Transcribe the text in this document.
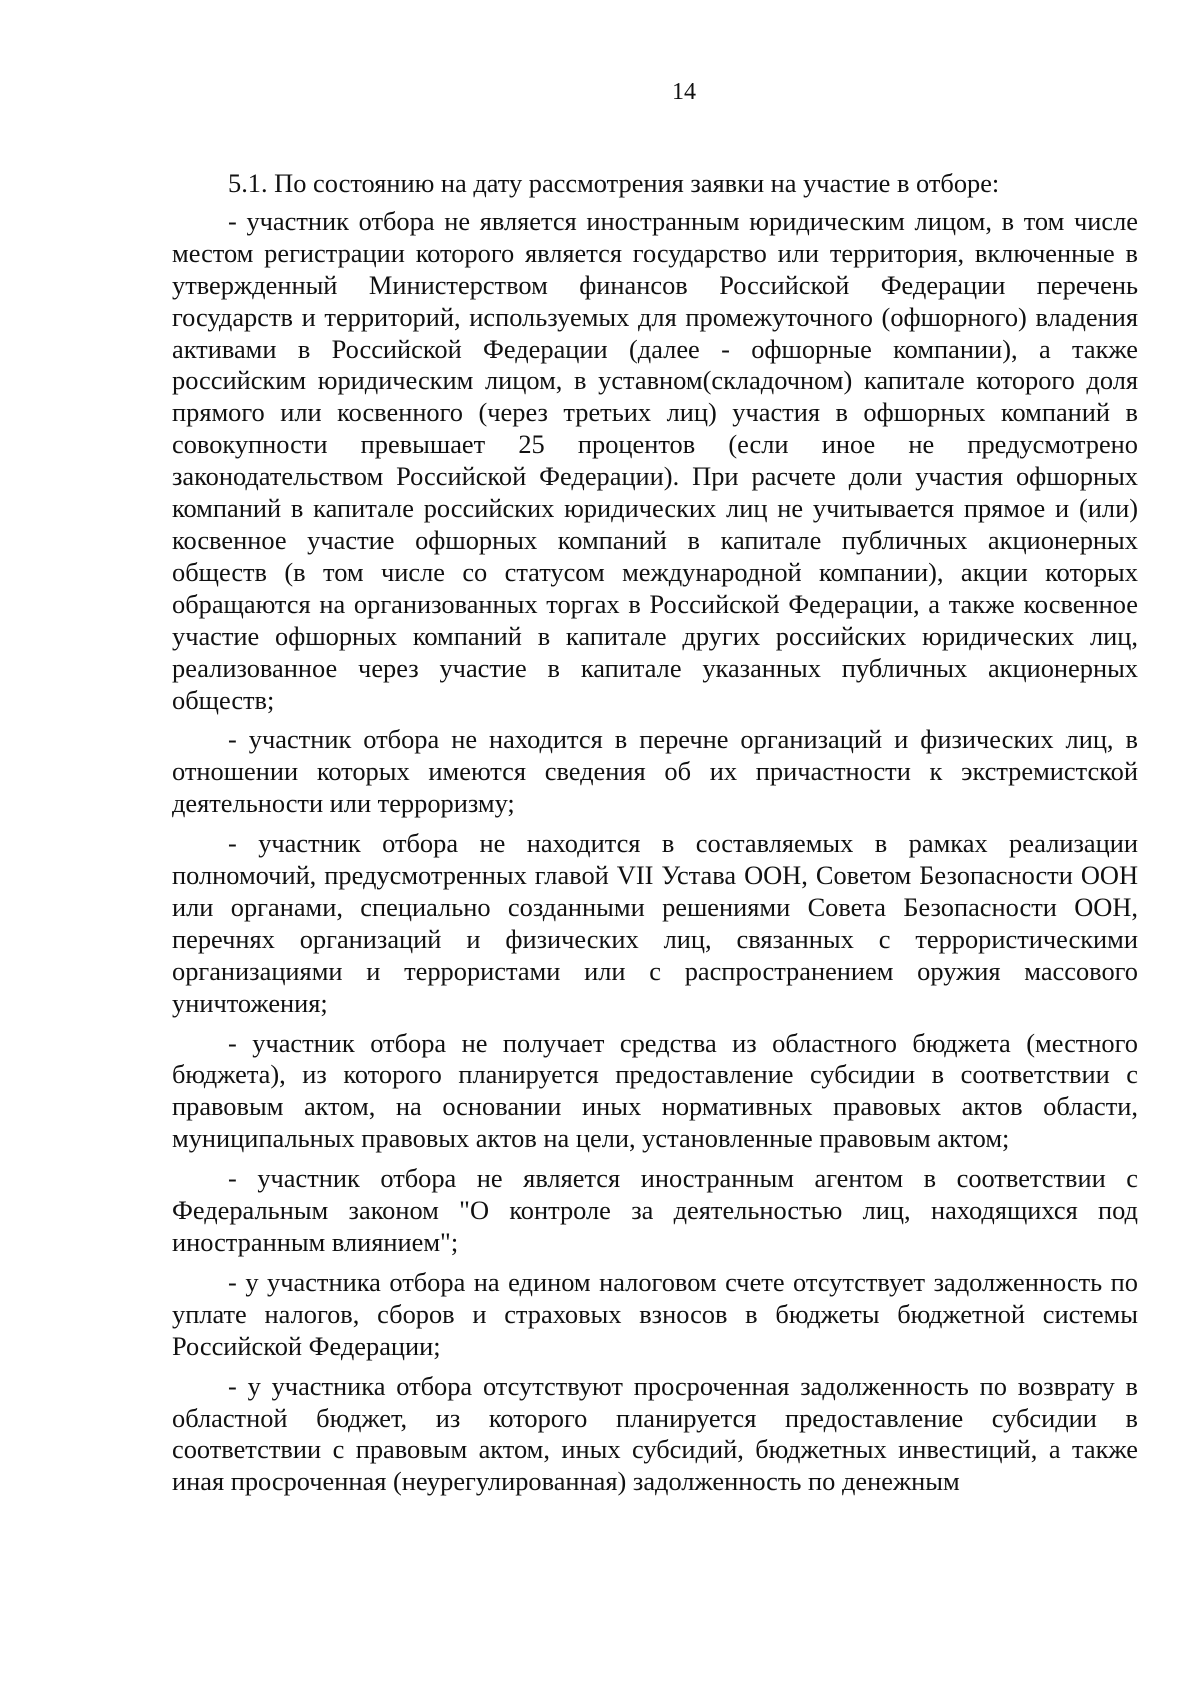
14

5.1. По состоянию на дату рассмотрения заявки на участие в отборе:

- участник отбора не является иностранным юридическим лицом, в том числе местом регистрации которого является государство или территория, включенные в утвержденный Министерством финансов Российской Федерации перечень государств и территорий, используемых для промежуточного (офшорного) владения активами в Российской Федерации (далее - офшорные компании), а также российским юридическим лицом, в уставном(складочном) капитале которого доля прямого или косвенного (через третьих лиц) участия в офшорных компаний в совокупности превышает 25 процентов (если иное не предусмотрено законодательством Российской Федерации). При расчете доли участия офшорных компаний в капитале российских юридических лиц не учитывается прямое и (или) косвенное участие офшорных компаний в капитале публичных акционерных обществ (в том числе со статусом международной компании), акции которых обращаются на организованных торгах в Российской Федерации, а также косвенное участие офшорных компаний в капитале других российских юридических лиц, реализованное через участие в капитале указанных публичных акционерных обществ;

- участник отбора не находится в перечне организаций и физических лиц, в отношении которых имеются сведения об их причастности к экстремистской деятельности или терроризму;

- участник отбора не находится в составляемых в рамках реализации полномочий, предусмотренных главой VII Устава ООН, Советом Безопасности ООН или органами, специально созданными решениями Совета Безопасности ООН, перечнях организаций и физических лиц, связанных с террористическими организациями и террористами или с распространением оружия массового уничтожения;

- участник отбора не получает средства из областного бюджета (местного бюджета), из которого планируется предоставление субсидии в соответствии с правовым актом, на основании иных нормативных правовых актов области, муниципальных правовых актов на цели, установленные правовым актом;

- участник отбора не является иностранным агентом в соответствии с Федеральным законом "О контроле за деятельностью лиц, находящихся под иностранным влиянием";

- у участника отбора на едином налоговом счете отсутствует задолженность по уплате налогов, сборов и страховых взносов в бюджеты бюджетной системы Российской Федерации;

- у участника отбора отсутствуют просроченная задолженность по возврату в областной бюджет, из которого планируется предоставление субсидии в соответствии с правовым актом, иных субсидий, бюджетных инвестиций, а также иная просроченная (неурегулированная) задолженность по денежным
